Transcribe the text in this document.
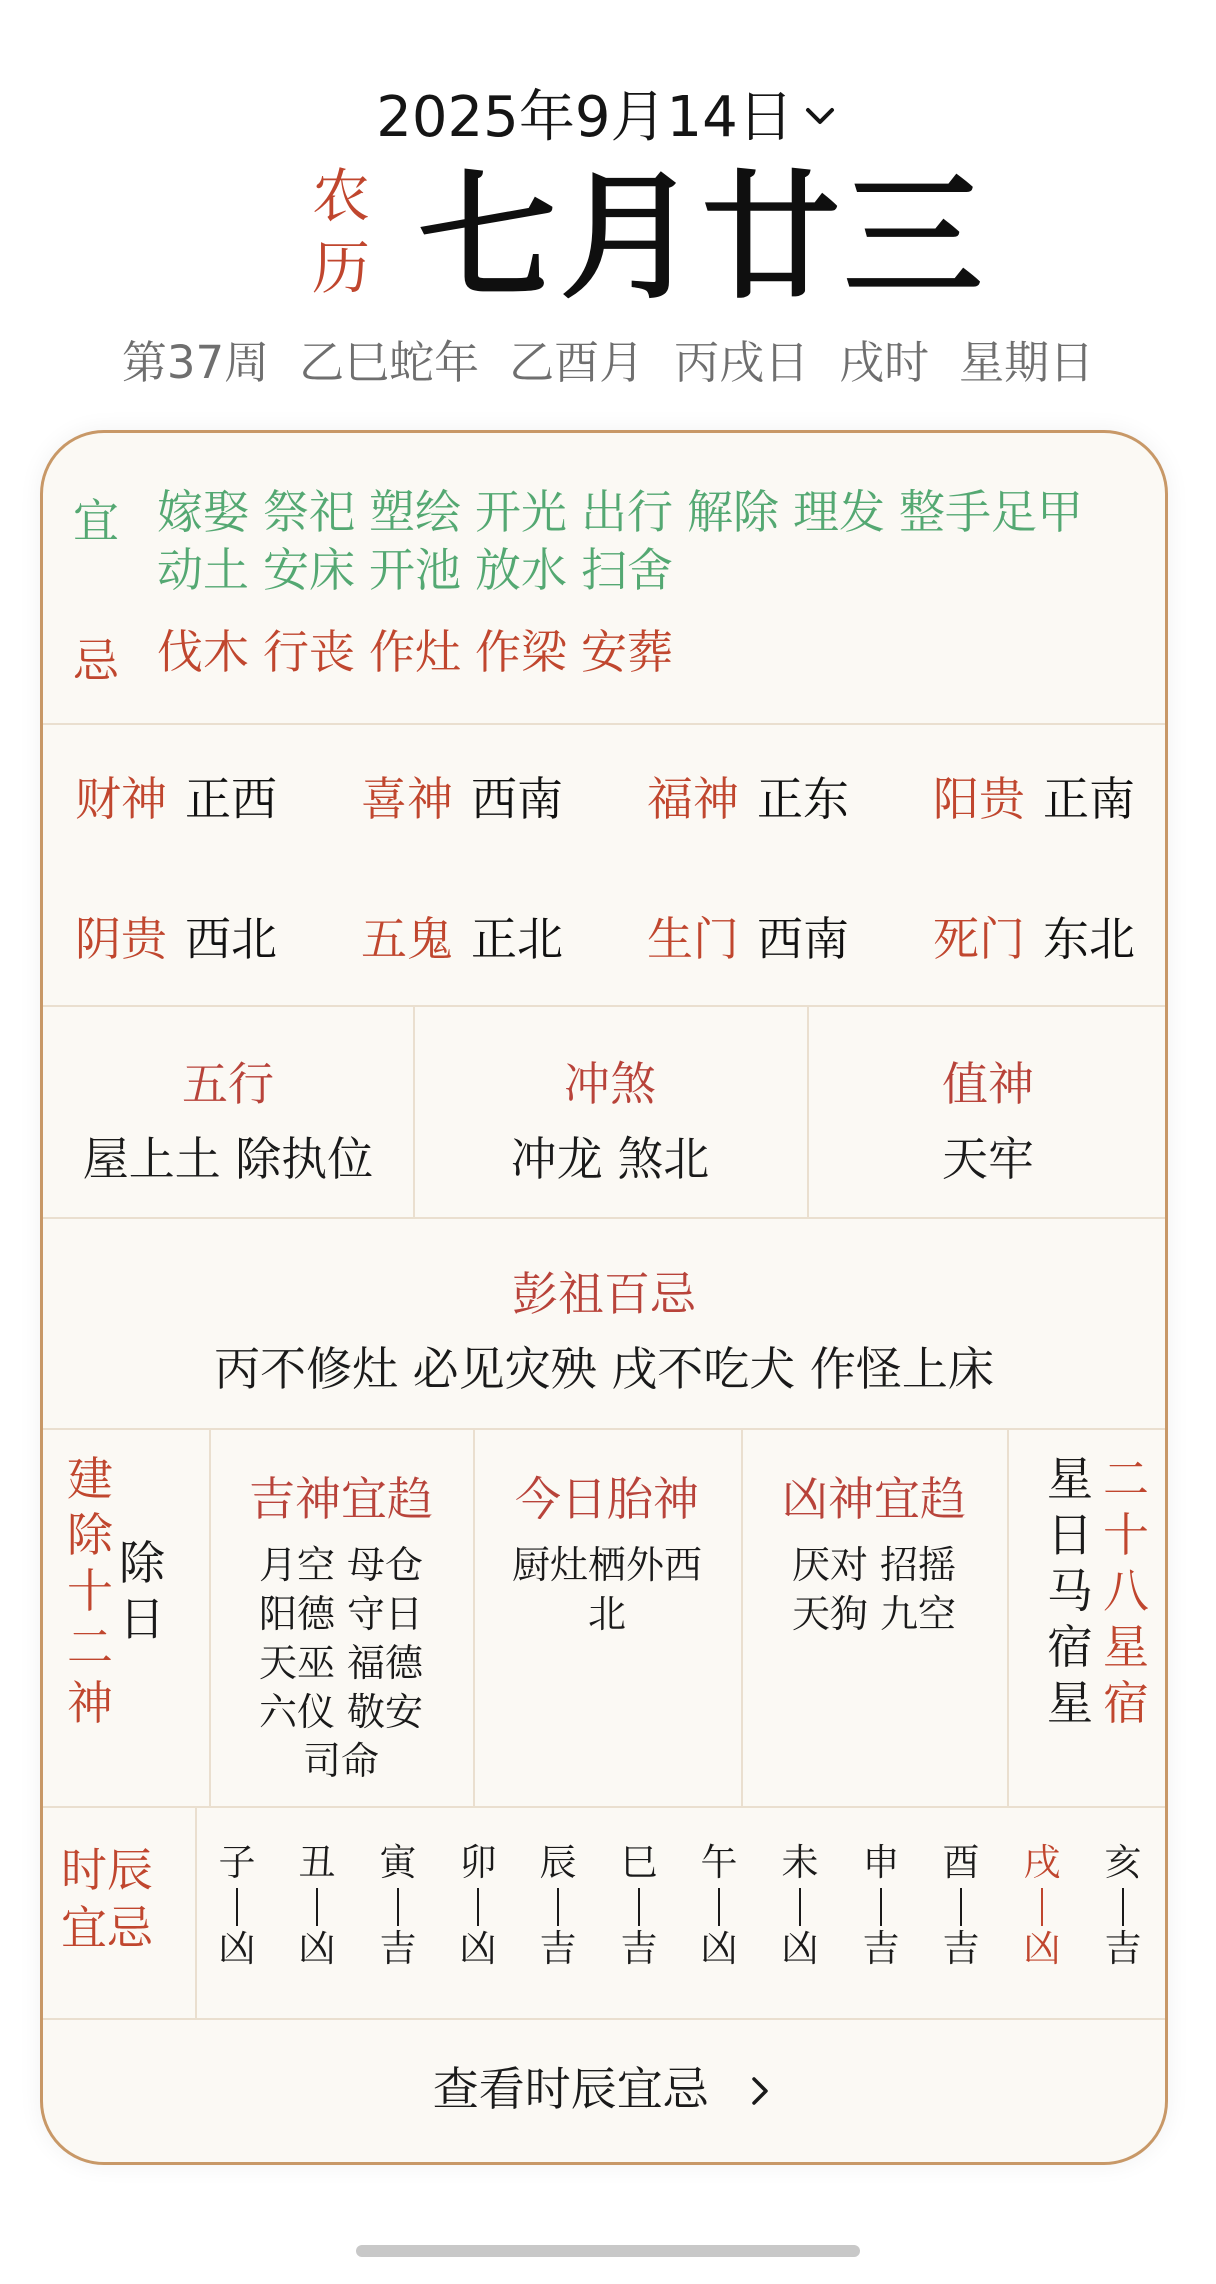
2025年9月14日
农
历 七月廿三
第37周 乙巳蛇年 乙酉月 丙戌日 戌时 星期日
宜 嫁娶 祭祀 塑绘 开光 出行 解除 理发 整手足甲
动土 安床 开池 放水 扫舍
忌 伐木 行丧 作灶 作梁 安葬
财神 正西 喜神 西南 福神 正东 阳贵 正南
阴贵 西北 五鬼 正北 生门 西南 死门 东北
五行
屋上土 除执位
冲煞
冲龙 煞北
值神
天牢
彭祖百忌
丙不修灶 必见灾殃 戌不吃犬 作怪上床
建
除
十
二
神
除
日
吉神宜趋
月空 母仓
阳德 守日
天巫 福德
六仪 敬安
司命
今日胎神
厨灶栖外西
北
凶神宜趋
厌对 招摇
天狗 九空
星
日
马
宿
星
二
十
八
星
宿
时辰
宜忌
子
凶
丑
凶
寅
吉
卯
凶
辰
吉
巳
吉
午
凶
未
凶
申
吉
酉
吉
戌
凶
亥
吉
查看时辰宜忌
